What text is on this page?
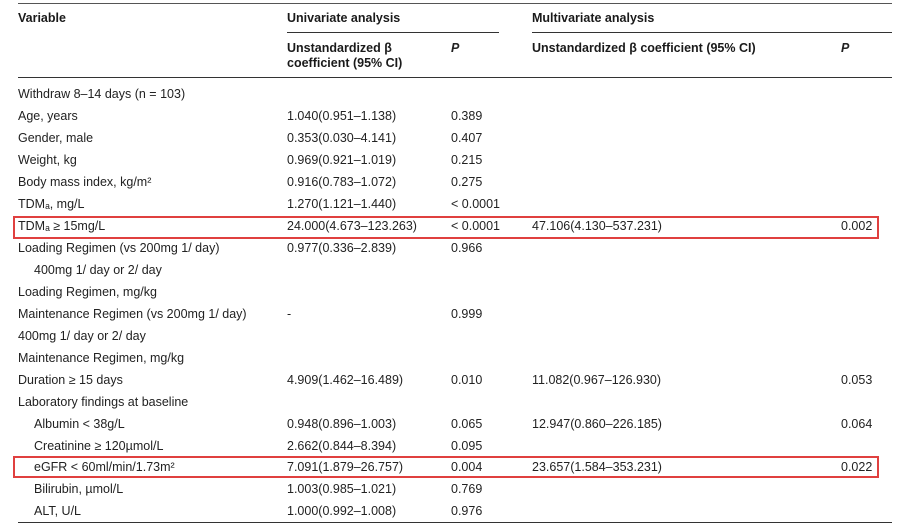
Variable	Univariate analysis	Multivariate analysis
Unstandardized β
coefficient (95% CI)
P	Unstandardized β coefficient (95% CI)	P
Withdraw 8–14 days (n = 103)
Age, years	1.040(0.951–1.138)	0.389
Gender, male	0.353(0.030–4.141)	0.407
Weight, kg	0.969(0.921–1.019)	0.215
Body mass index, kg/m²	0.916(0.783–1.072)	0.275
TDMₐ, mg/L	1.270(1.121–1.440)	< 0.0001
TDMₐ ≥ 15mg/L	24.000(4.673–123.263)	< 0.0001	47.106(4.130–537.231)	0.002
Loading Regimen (vs 200mg 1/ day)	0.977(0.336–2.839)	0.966
400mg 1/ day or 2/ day
Loading Regimen, mg/kg
Maintenance Regimen (vs 200mg 1/ day)	-	0.999
400mg 1/ day or 2/ day
Maintenance Regimen, mg/kg
Duration ≥ 15 days	4.909(1.462–16.489)	0.010	11.082(0.967–126.930)	0.053
Laboratory findings at baseline
Albumin < 38g/L	0.948(0.896–1.003)	0.065	12.947(0.860–226.185)	0.064
Creatinine ≥ 120µmol/L	2.662(0.844–8.394)	0.095
eGFR < 60ml/min/1.73m²	7.091(1.879–26.757)	0.004	23.657(1.584–353.231)	0.022
Bilirubin, µmol/L	1.003(0.985–1.021)	0.769
ALT, U/L	1.000(0.992–1.008)	0.976
